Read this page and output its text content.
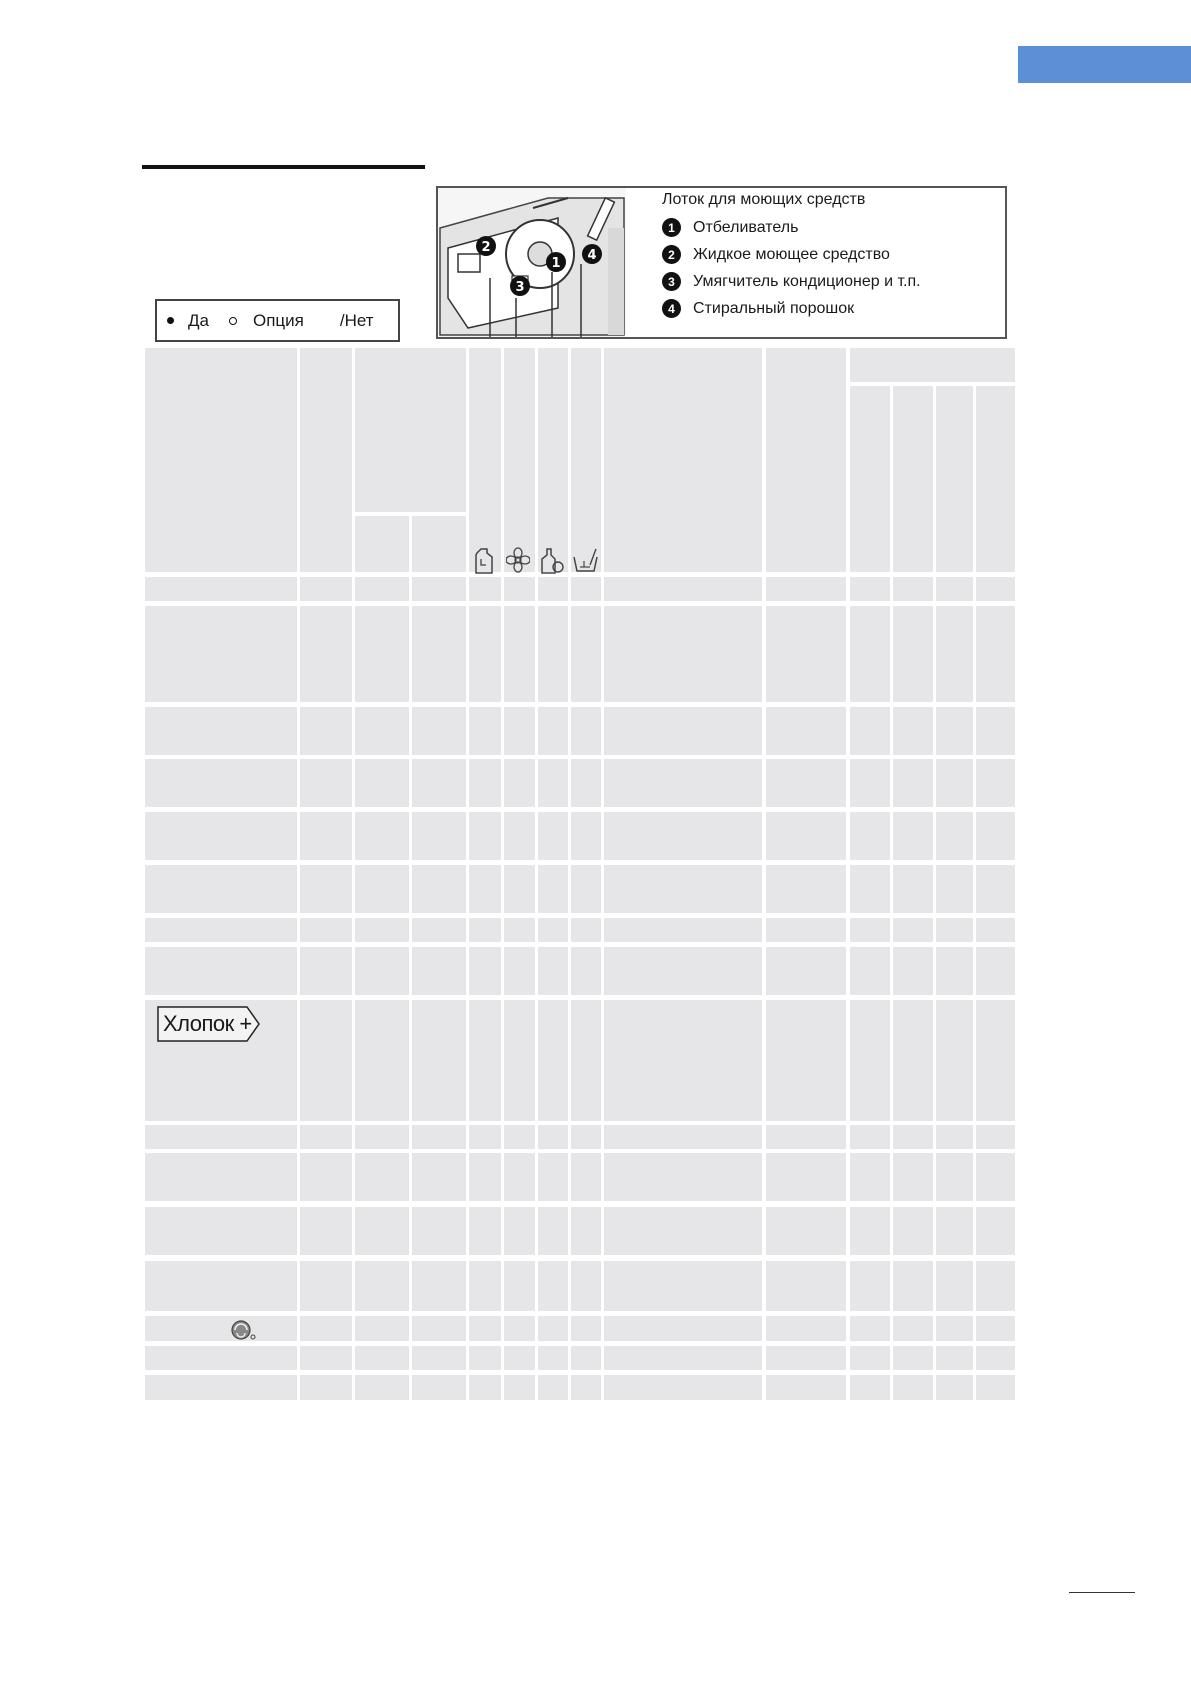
Да	Опция /Нет
2
1
3
4
Лоток для моющих средств
1	Отбеливатель
2	Жидкое моющее средство
3	Умягчитель кондиционер и т.п.
4	Стиральный порошок
Хлопок +
